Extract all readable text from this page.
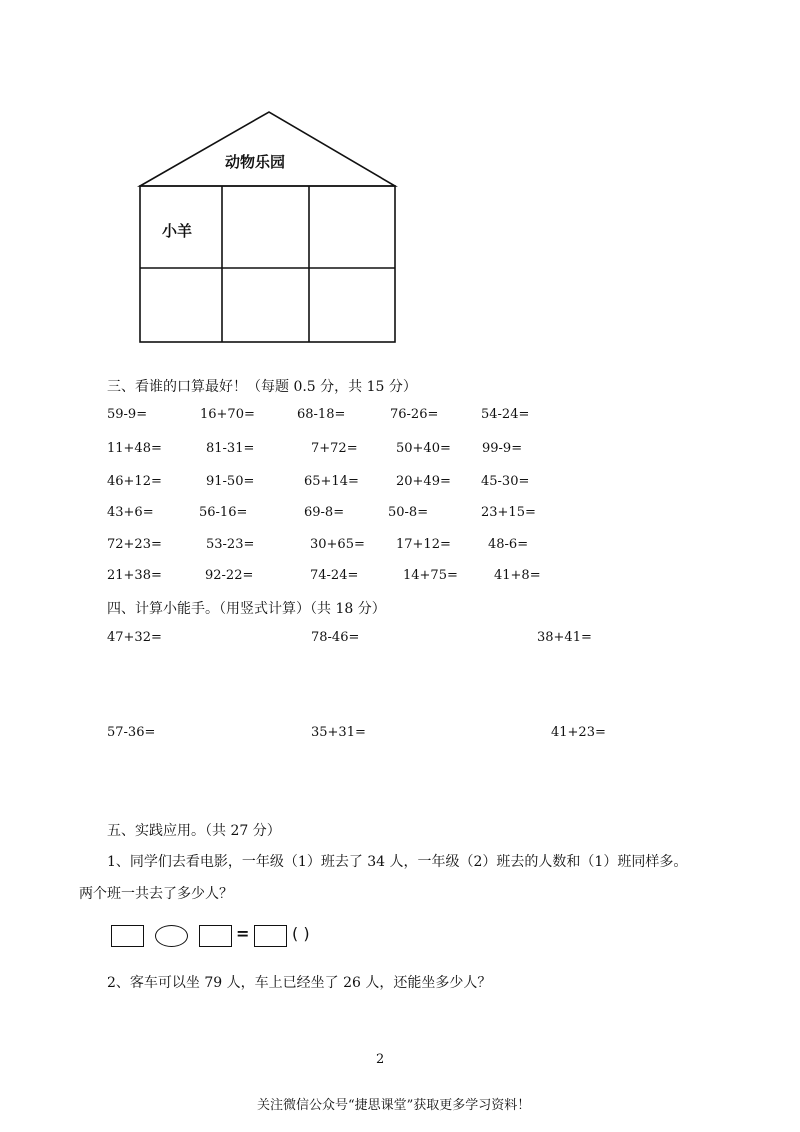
动物乐园
小羊
三、看谁的口算最好！（每题 0.5 分，共 15 分）
59-9=	16+70=	68-18=	76-26=	54-24=
11+48=	81-31=	7+72=	50+40= 99-9=
46+12=	91-50=	65+14=	20+49= 45-30=
43+6=	56-16=	69-8=	50-8=	23+15=
72+23=	53-23=	30+65= 17+12=	48-6=
21+38=	92-22=	74-24=	14+75=	41+8=
四、计算小能手。（用竖式计算）（共 18 分）
47+32=	78-46=	38+41=
57-36=	35+31=	41+23=
五、实践应用。（共 27 分）
1、同学们去看电影，一年级（1）班去了 34 人，一年级（2）班去的人数和（1）班同样多。
两个班一共去了多少人？
=	( )
2、客车可以坐 79 人，车上已经坐了 26 人，还能坐多少人？
2
关注微信公众号“捷思课堂”获取更多学习资料！
